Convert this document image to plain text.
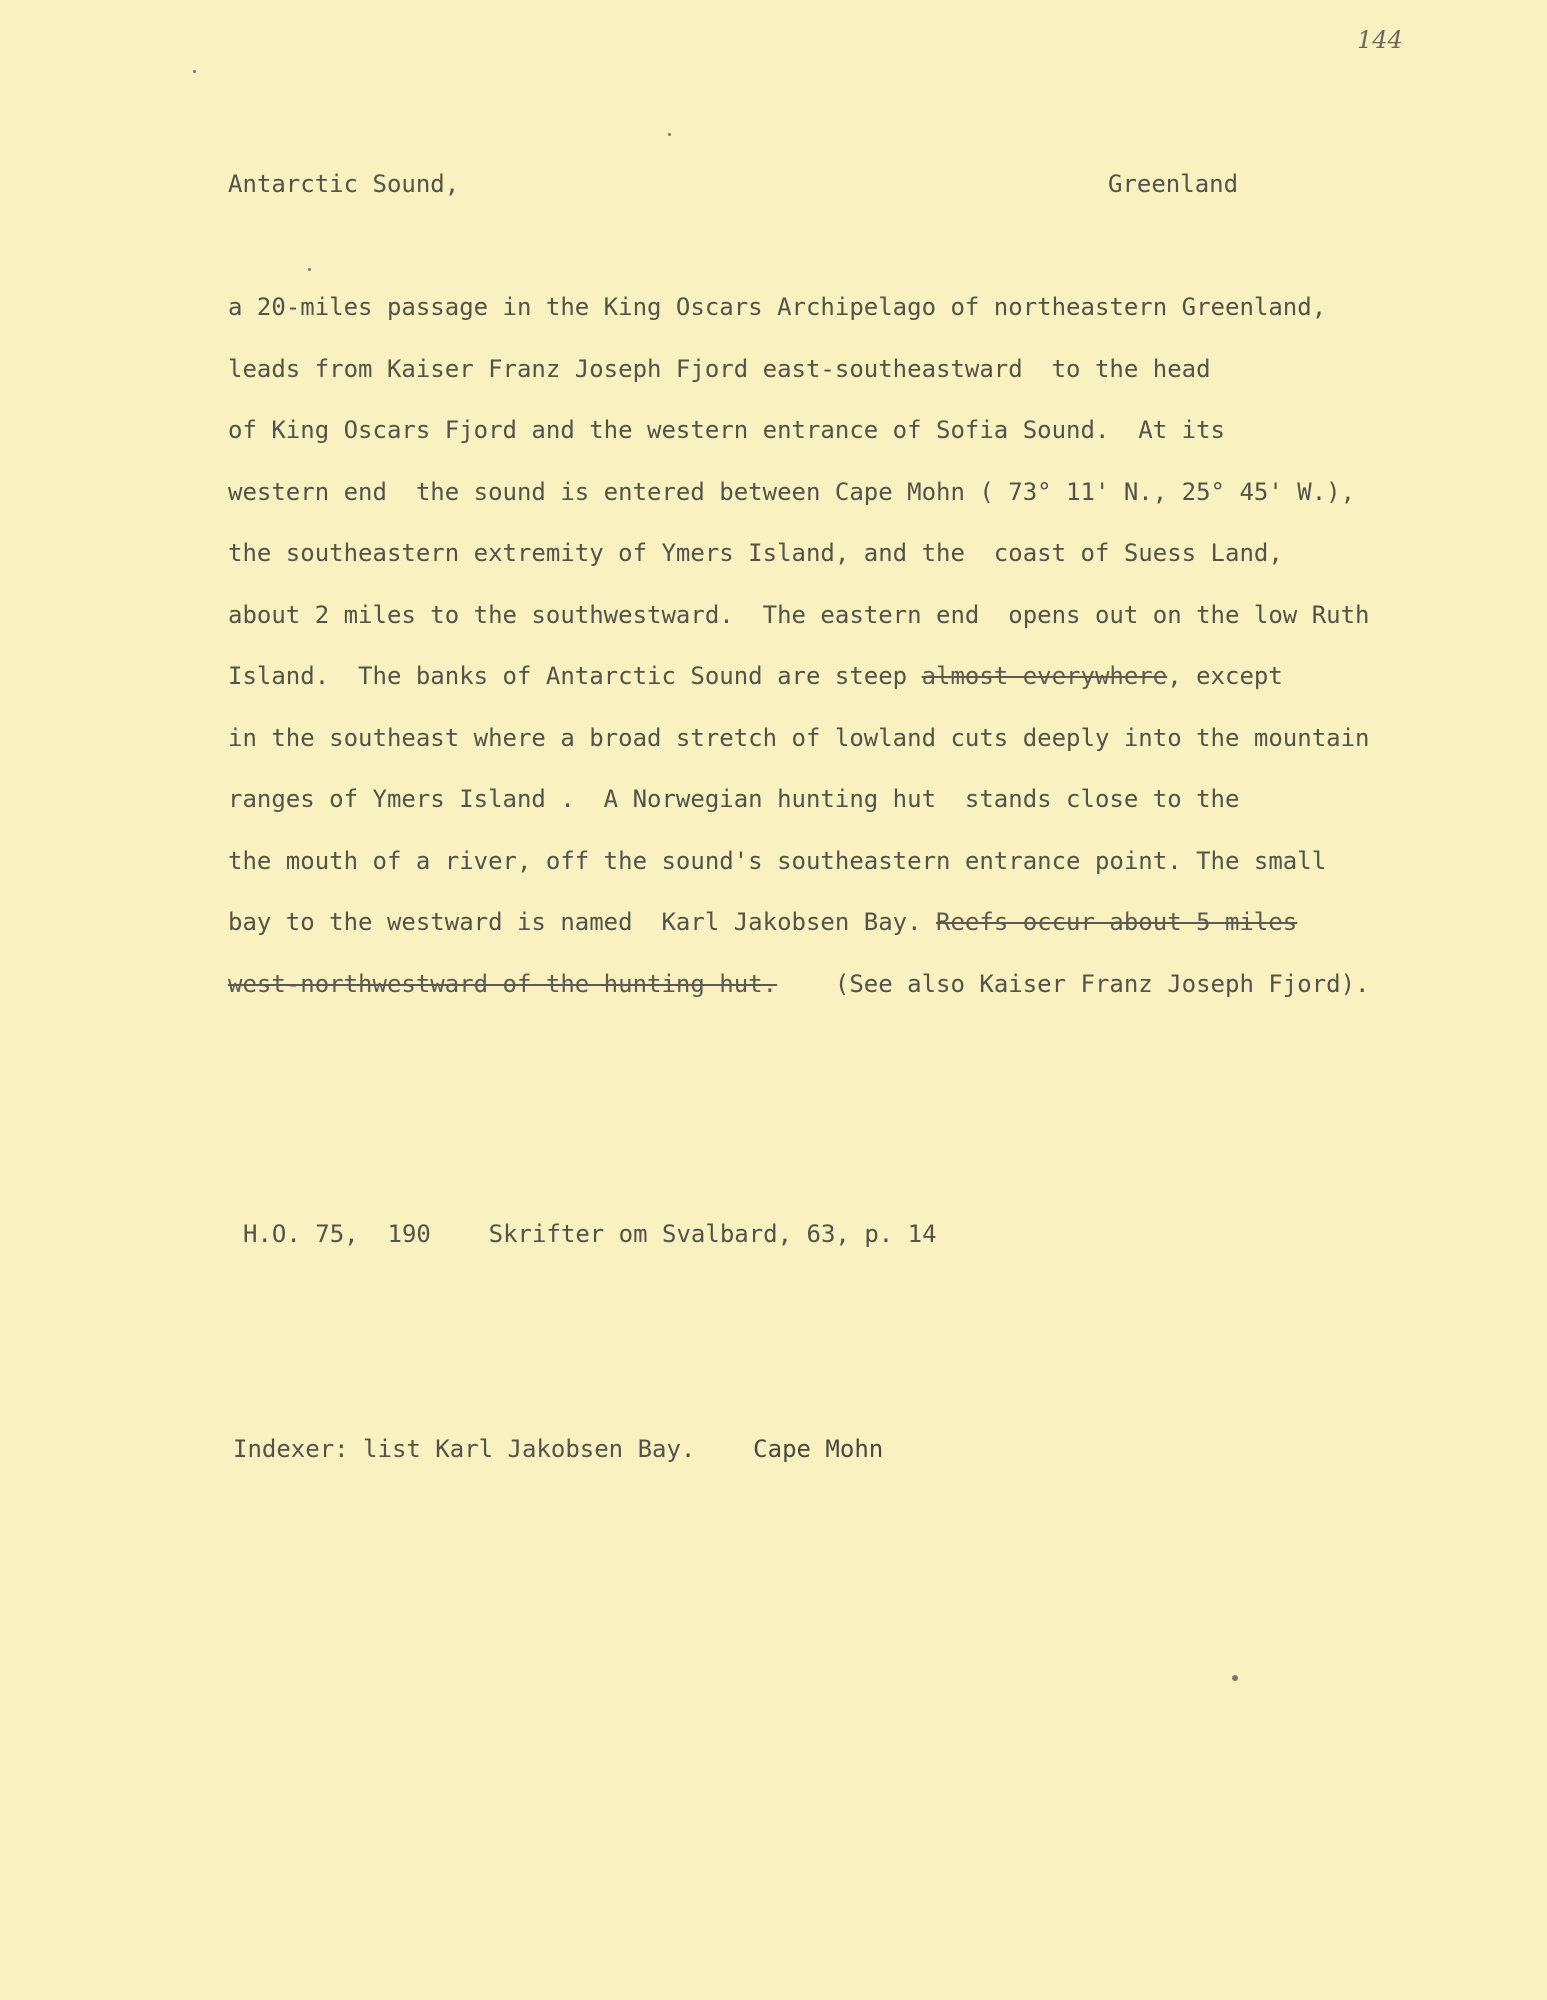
144
Antarctic Sound,	Greenland
a 20-miles passage in the King Oscars Archipelago of northeastern Greenland,
leads from Kaiser Franz Joseph Fjord east-southeastward  to the head
of King Oscars Fjord and the western entrance of Sofia Sound.  At its
western end  the sound is entered between Cape Mohn ( 73° 11' N., 25° 45' W.),
the southeastern extremity of Ymers Island, and the  coast of Suess Land,
about 2 miles to the southwestward.  The eastern end  opens out on the low Ruth
Island.  The banks of Antarctic Sound are steep almost everywhere, except
in the southeast where a broad stretch of lowland cuts deeply into the mountain
ranges of Ymers Island .  A Norwegian hunting hut  stands close to the
the mouth of a river, off the sound's southeastern entrance point. The small
bay to the westward is named  Karl Jakobsen Bay. Reefs occur about 5 miles
west-northwestward of the hunting hut.    (See also Kaiser Franz Joseph Fjord).
H.O. 75,  190    Skrifter om Svalbard, 63, p. 14
Indexer: list Karl Jakobsen Bay. Cape Mohn
